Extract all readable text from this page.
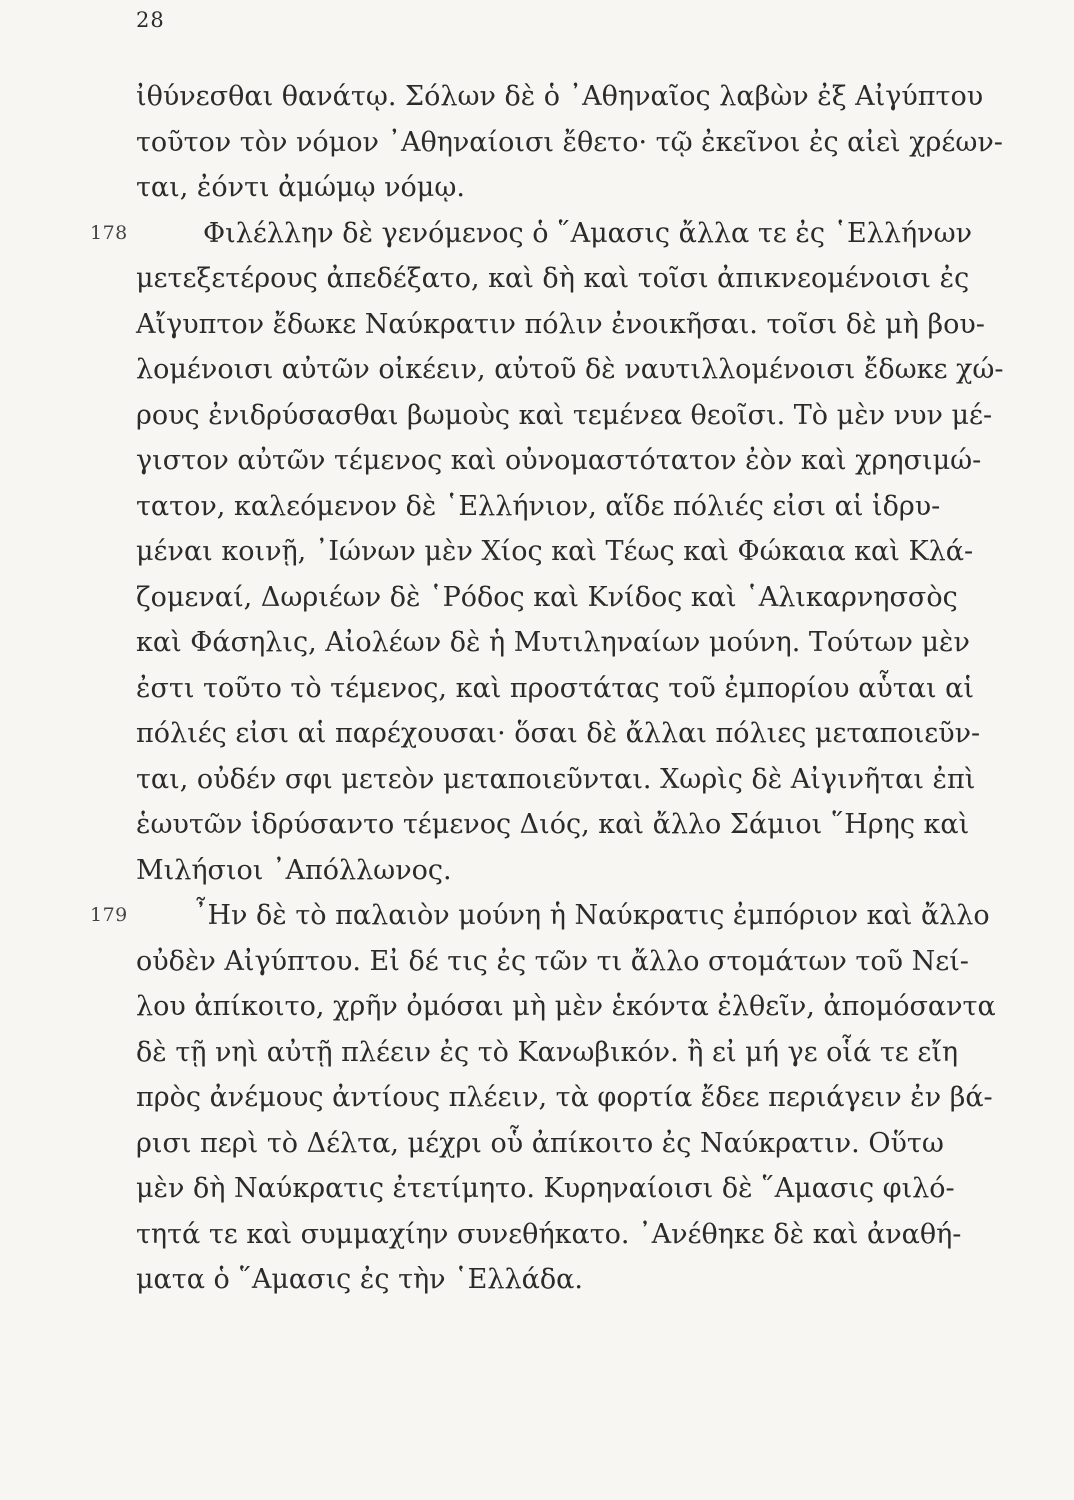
28
ἰθύνεσθαι θανάτῳ. Σόλων δὲ ὁ ᾿Αθηναῖος λαβὼν ἐξ Αἰγύπτου
τοῦτον τὸν νόμον ᾿Αθηναίοισι ἔθετο· τῷ ἐκεῖνοι ἐς αἰεὶ χρέων-
ται, ἐόντι ἀμώμῳ νόμῳ.
178	Φιλέλλην δὲ γενόμενος ὁ ῞Αμασις ἄλλα τε ἐς ῾Ελλήνων
μετεξετέρους ἀπεδέξατο, καὶ δὴ καὶ τοῖσι ἀπικνεομένοισι ἐς
Αἴγυπτον ἔδωκε Ναύκρατιν πόλιν ἐνοικῆσαι. τοῖσι δὲ μὴ βου-
λομένοισι αὐτῶν οἰκέειν, αὐτοῦ δὲ ναυτιλλομένοισι ἔδωκε χώ-
ρους ἐνιδρύσασθαι βωμοὺς καὶ τεμένεα θεοῖσι. Τὸ μὲν νυν μέ-
γιστον αὐτῶν τέμενος καὶ οὐνομαστότατον ἐὸν καὶ χρησιμώ-
τατον, καλεόμενον δὲ ῾Ελλήνιον, αἵδε πόλιές εἰσι αἱ ἱδρυ-
μέναι κοινῇ, ᾿Ιώνων μὲν Χίος καὶ Τέως καὶ Φώκαια καὶ Κλά-
ζομεναί, Δωριέων δὲ ῾Ρόδος καὶ Κνίδος καὶ ῾Αλικαρνησσὸς
καὶ Φάσηλις, Αἰολέων δὲ ἡ Μυτιληναίων μούνη. Τούτων μὲν
ἐστι τοῦτο τὸ τέμενος, καὶ προστάτας τοῦ ἐμπορίου αὗται αἱ
πόλιές εἰσι αἱ παρέχουσαι· ὅσαι δὲ ἄλλαι πόλιες μεταποιεῦν-
ται, οὐδέν σφι μετεὸν μεταποιεῦνται. Χωρὶς δὲ Αἰγινῆται ἐπὶ
ἑωυτῶν ἱδρύσαντο τέμενος Διός, καὶ ἄλλο Σάμιοι ῞Ηρης καὶ
Μιλήσιοι ᾿Απόλλωνος.
179 ῏Ην δὲ τὸ παλαιὸν μούνη ἡ Ναύκρατις ἐμπόριον καὶ ἄλλο
οὐδὲν Αἰγύπτου. Εἰ δέ τις ἐς τῶν τι ἄλλο στομάτων τοῦ Νεί-
λου ἀπίκοιτο, χρῆν ὀμόσαι μὴ μὲν ἑκόντα ἐλθεῖν, ἀπομόσαντα
δὲ τῇ νηὶ αὐτῇ πλέειν ἐς τὸ Κανωβικόν. ἢ εἰ μή γε οἷά τε εἴη
πρὸς ἀνέμους ἀντίους πλέειν, τὰ φορτία ἔδεε περιάγειν ἐν βά-
ρισι περὶ τὸ Δέλτα, μέχρι οὗ ἀπίκοιτο ἐς Ναύκρατιν. Οὕτω
μὲν δὴ Ναύκρατις ἐτετίμητο. Κυρηναίοισι δὲ ῞Αμασις φιλό-
τητά τε καὶ συμμαχίην συνεθήκατο. ᾿Ανέθηκε δὲ καὶ ἀναθή-
ματα ὁ ῞Αμασις ἐς τὴν ῾Ελλάδα.
